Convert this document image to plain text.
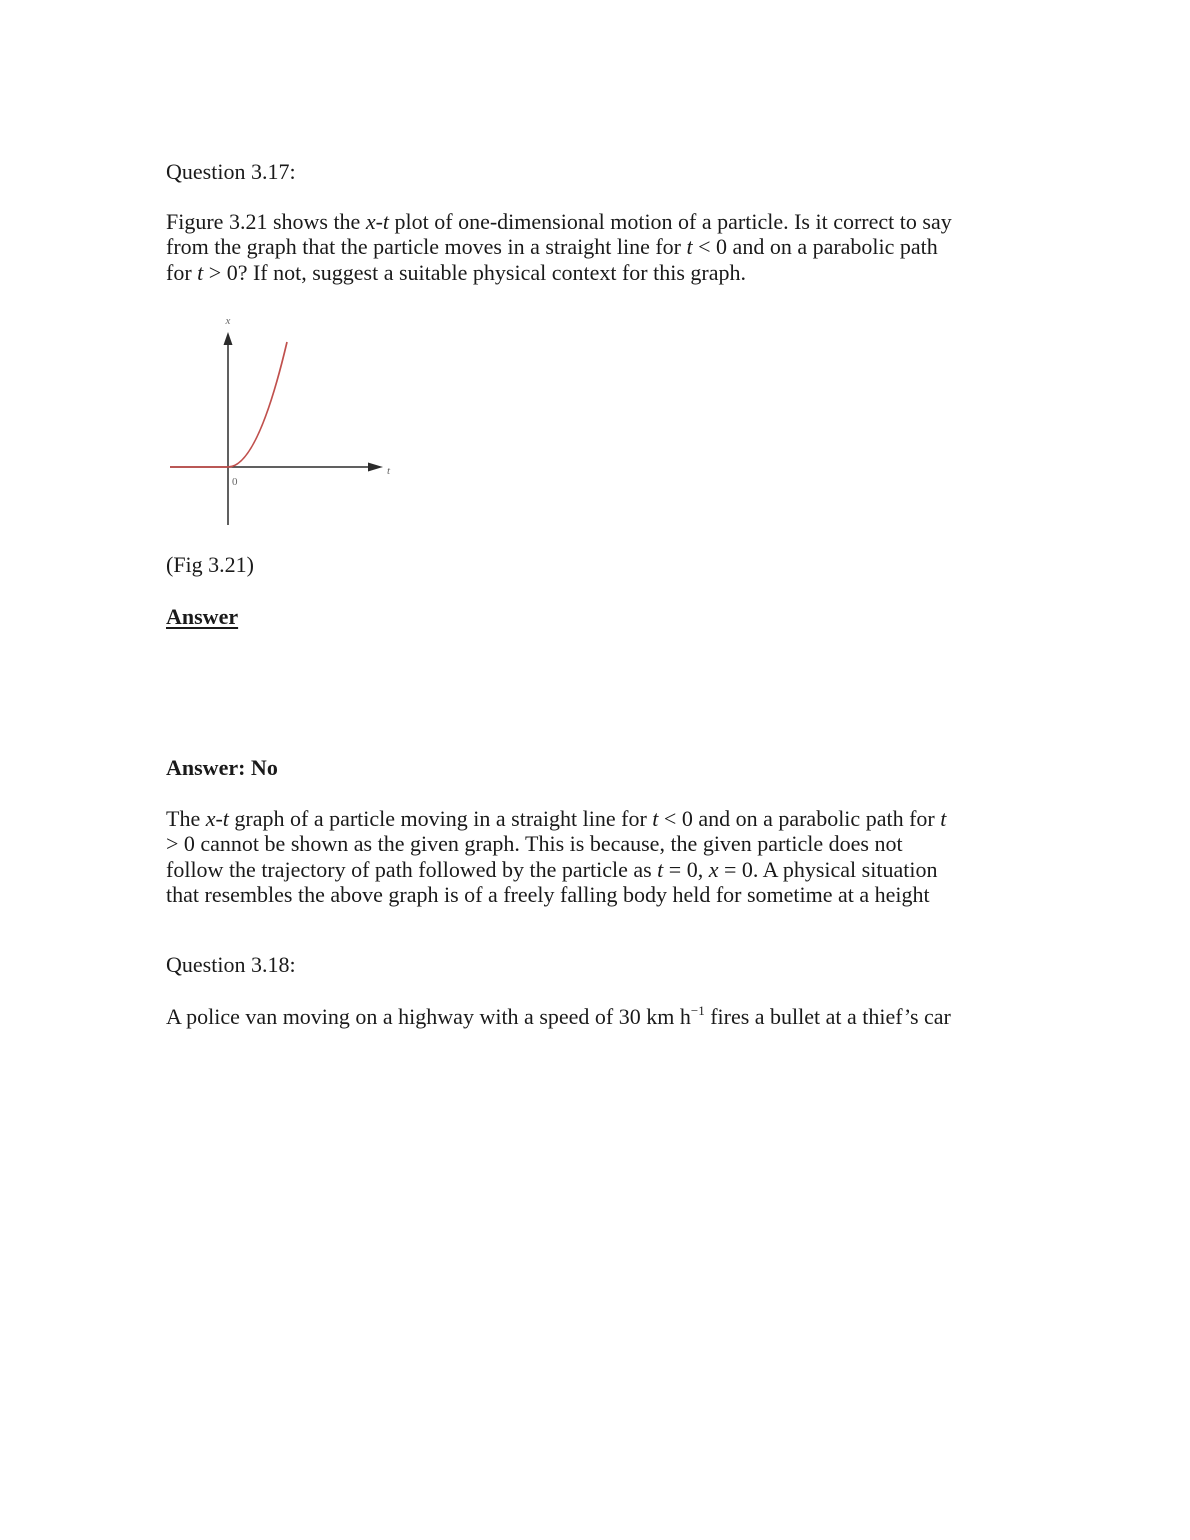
Question 3.17:
Figure 3.21 shows the x-t plot of one-dimensional motion of a particle. Is it correct to say
from the graph that the particle moves in a straight line for t < 0 and on a parabolic path
for t > 0? If not, suggest a suitable physical context for this graph.
x
t
0
(Fig 3.21)
Answer
Answer: No
The x-t graph of a particle moving in a straight line for t < 0 and on a parabolic path for t
> 0 cannot be shown as the given graph. This is because, the given particle does not
follow the trajectory of path followed by the particle as t = 0, x = 0. A physical situation
that resembles the above graph is of a freely falling body held for sometime at a height
Question 3.18:
A police van moving on a highway with a speed of 30 km $h^{-1}$ fires a bullet at a thief’s car
